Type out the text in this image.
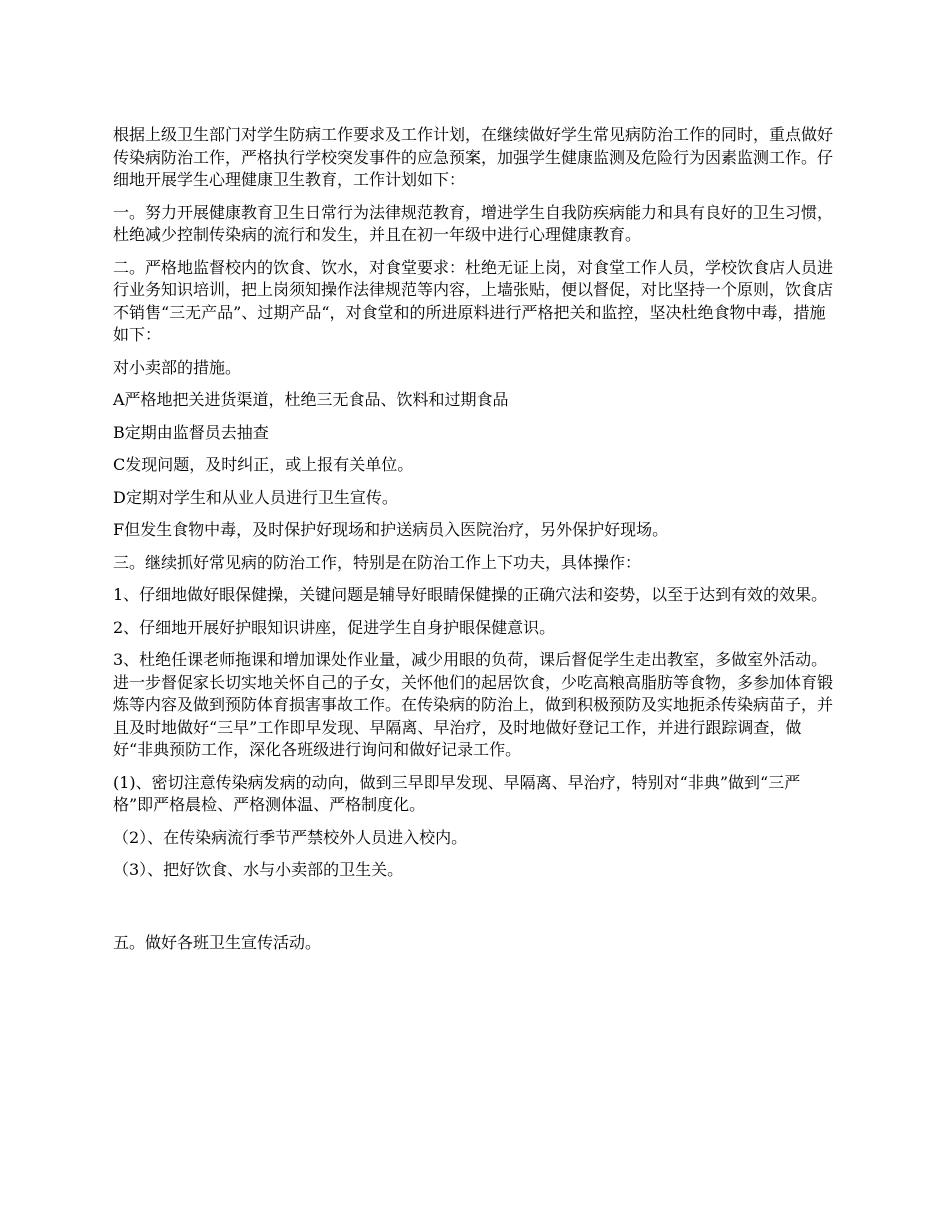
根据上级卫生部门对学生防病工作要求及工作计划，在继续做好学生常见病防治工作的同时，重点做好传染病防治工作，严格执行学校突发事件的应急预案，加强学生健康监测及危险行为因素监测工作。仔细地开展学生心理健康卫生教育，工作计划如下：

一。努力开展健康教育卫生日常行为法律规范教育，增进学生自我防疾病能力和具有良好的卫生习惯，杜绝减少控制传染病的流行和发生，并且在初一年级中进行心理健康教育。

二。严格地监督校内的饮食、饮水，对食堂要求：杜绝无证上岗，对食堂工作人员，学校饮食店人员进行业务知识培训，把上岗须知操作法律规范等内容，上墙张贴，便以督促，对比坚持一个原则，饮食店不销售“三无产品”、过期产品“，对食堂和的所进原料进行严格把关和监控，坚决杜绝食物中毒，措施如下：

对小卖部的措施。

A严格地把关进货渠道，杜绝三无食品、饮料和过期食品

B定期由监督员去抽查

C发现问题，及时纠正，或上报有关单位。

D定期对学生和从业人员进行卫生宣传。

F但发生食物中毒，及时保护好现场和护送病员入医院治疗，另外保护好现场。

三。继续抓好常见病的防治工作，特别是在防治工作上下功夫，具体操作：

1、仔细地做好眼保健操，关键问题是辅导好眼睛保健操的正确穴法和姿势，以至于达到有效的效果。

2、仔细地开展好护眼知识讲座，促进学生自身护眼保健意识。

3、杜绝任课老师拖课和增加课处作业量，减少用眼的负荷，课后督促学生走出教室，多做室外活动。进一步督促家长切实地关怀自己的子女，关怀他们的起居饮食，少吃高粮高脂肪等食物，多参加体育锻炼等内容及做到预防体育损害事故工作。在传染病的防治上，做到积极预防及实地扼杀传染病苗子，并且及时地做好“三早”工作即早发现、早隔离、早治疗，及时地做好登记工作，并进行跟踪调查，做好“非典预防工作，深化各班级进行询问和做好记录工作。

(1)、密切注意传染病发病的动向，做到三早即早发现、早隔离、早治疗，特别对“非典”做到“三严格”即严格晨检、严格测体温、严格制度化。

（2）、在传染病流行季节严禁校外人员进入校内。

（3）、把好饮食、水与小卖部的卫生关。

五。做好各班卫生宣传活动。
